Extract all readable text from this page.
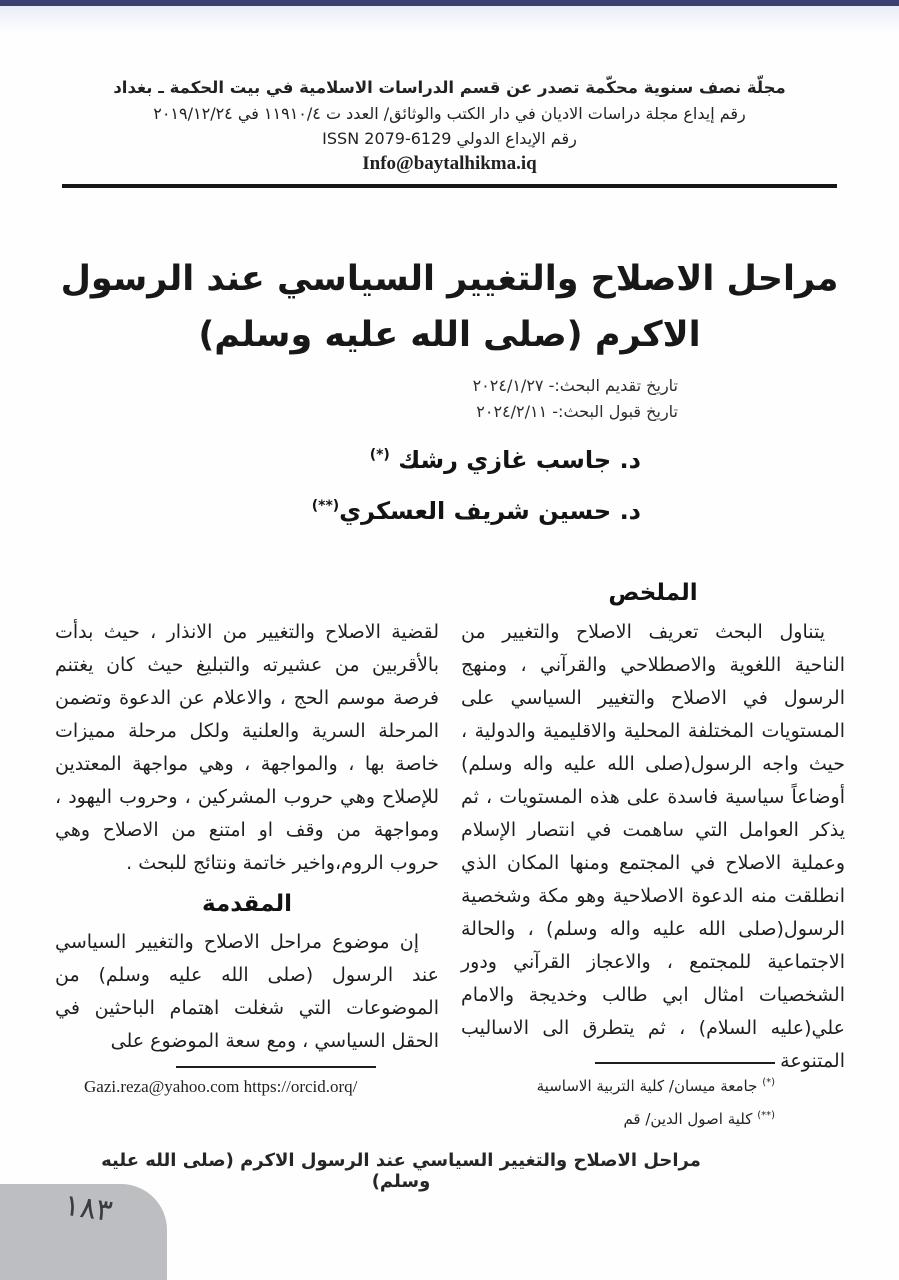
مجلّة نصف سنوية محكّمة تصدر عن قسم الدراسات الاسلامية في بيت الحكمة ـ بغداد
رقم إيداع مجلة دراسات الاديان في دار الكتب والوثائق/ العدد ت ١١٩١٠/٤ في ٢٠١٩/١٢/٢٤
رقم الإيداع الدولي ISSN 2079-6129
Info@baytalhikma.iq
مراحل الاصلاح والتغيير السياسي عند الرسول
الاكرم (صلى الله عليه وسلم)
تاريخ تقديم البحث:- ٢٠٢٤/١/٢٧
تاريخ قبول البحث:- ٢٠٢٤/٢/١١
د. جاسب غازي رشك (*)
د. حسين شريف العسكري(**)
الملخص

يتناول البحث تعريف الاصلاح والتغيير من الناحية اللغوية والاصطلاحي والقرآني ، ومنهج الرسول في الاصلاح والتغيير السياسي على المستويات المختلفة المحلية والاقليمية والدولية ، حيث واجه الرسول(صلى الله عليه واله وسلم) أوضاعاً سياسية فاسدة على هذه المستويات ، ثم يذكر العوامل التي ساهمت في انتصار الإسلام وعملية الاصلاح في المجتمع ومنها المكان الذي انطلقت منه الدعوة الاصلاحية وهو مكة وشخصية الرسول(صلى الله عليه واله وسلم) ، والحالة الاجتماعية للمجتمع ، والاعجاز القرآني ودور الشخصيات امثال ابي طالب وخديجة والامام علي(عليه السلام) ، ثم يتطرق الى الاساليب المتنوعة

لقضية الاصلاح والتغيير من الانذار ، حيث بدأت بالأقربين من عشيرته والتبليغ حيث كان يغتنم فرصة موسم الحج ، والاعلام عن الدعوة وتضمن المرحلة السرية والعلنية ولكل مرحلة مميزات خاصة بها ، والمواجهة ، وهي مواجهة المعتدين للإصلاح وهي حروب المشركين ، وحروب اليهود ، ومواجهة من وقف او امتنع من الاصلاح وهي حروب الروم،واخير خاتمة ونتائج للبحث .

المقدمة

إن موضوع مراحل الاصلاح والتغيير السياسي عند الرسول (صلى الله عليه وسلم) من الموضوعات التي شغلت اهتمام الباحثين في الحقل السياسي ، ومع سعة الموضوع على

(*) جامعة ميسان/ كلية التربية الاساسية
(**) كلية اصول الدين/ قم
Gazi.reza@yahoo.com https://orcid.orq/
مراحل الاصلاح والتغيير السياسي عند الرسول الاكرم (صلى الله عليه وسلم)
١٨٣
